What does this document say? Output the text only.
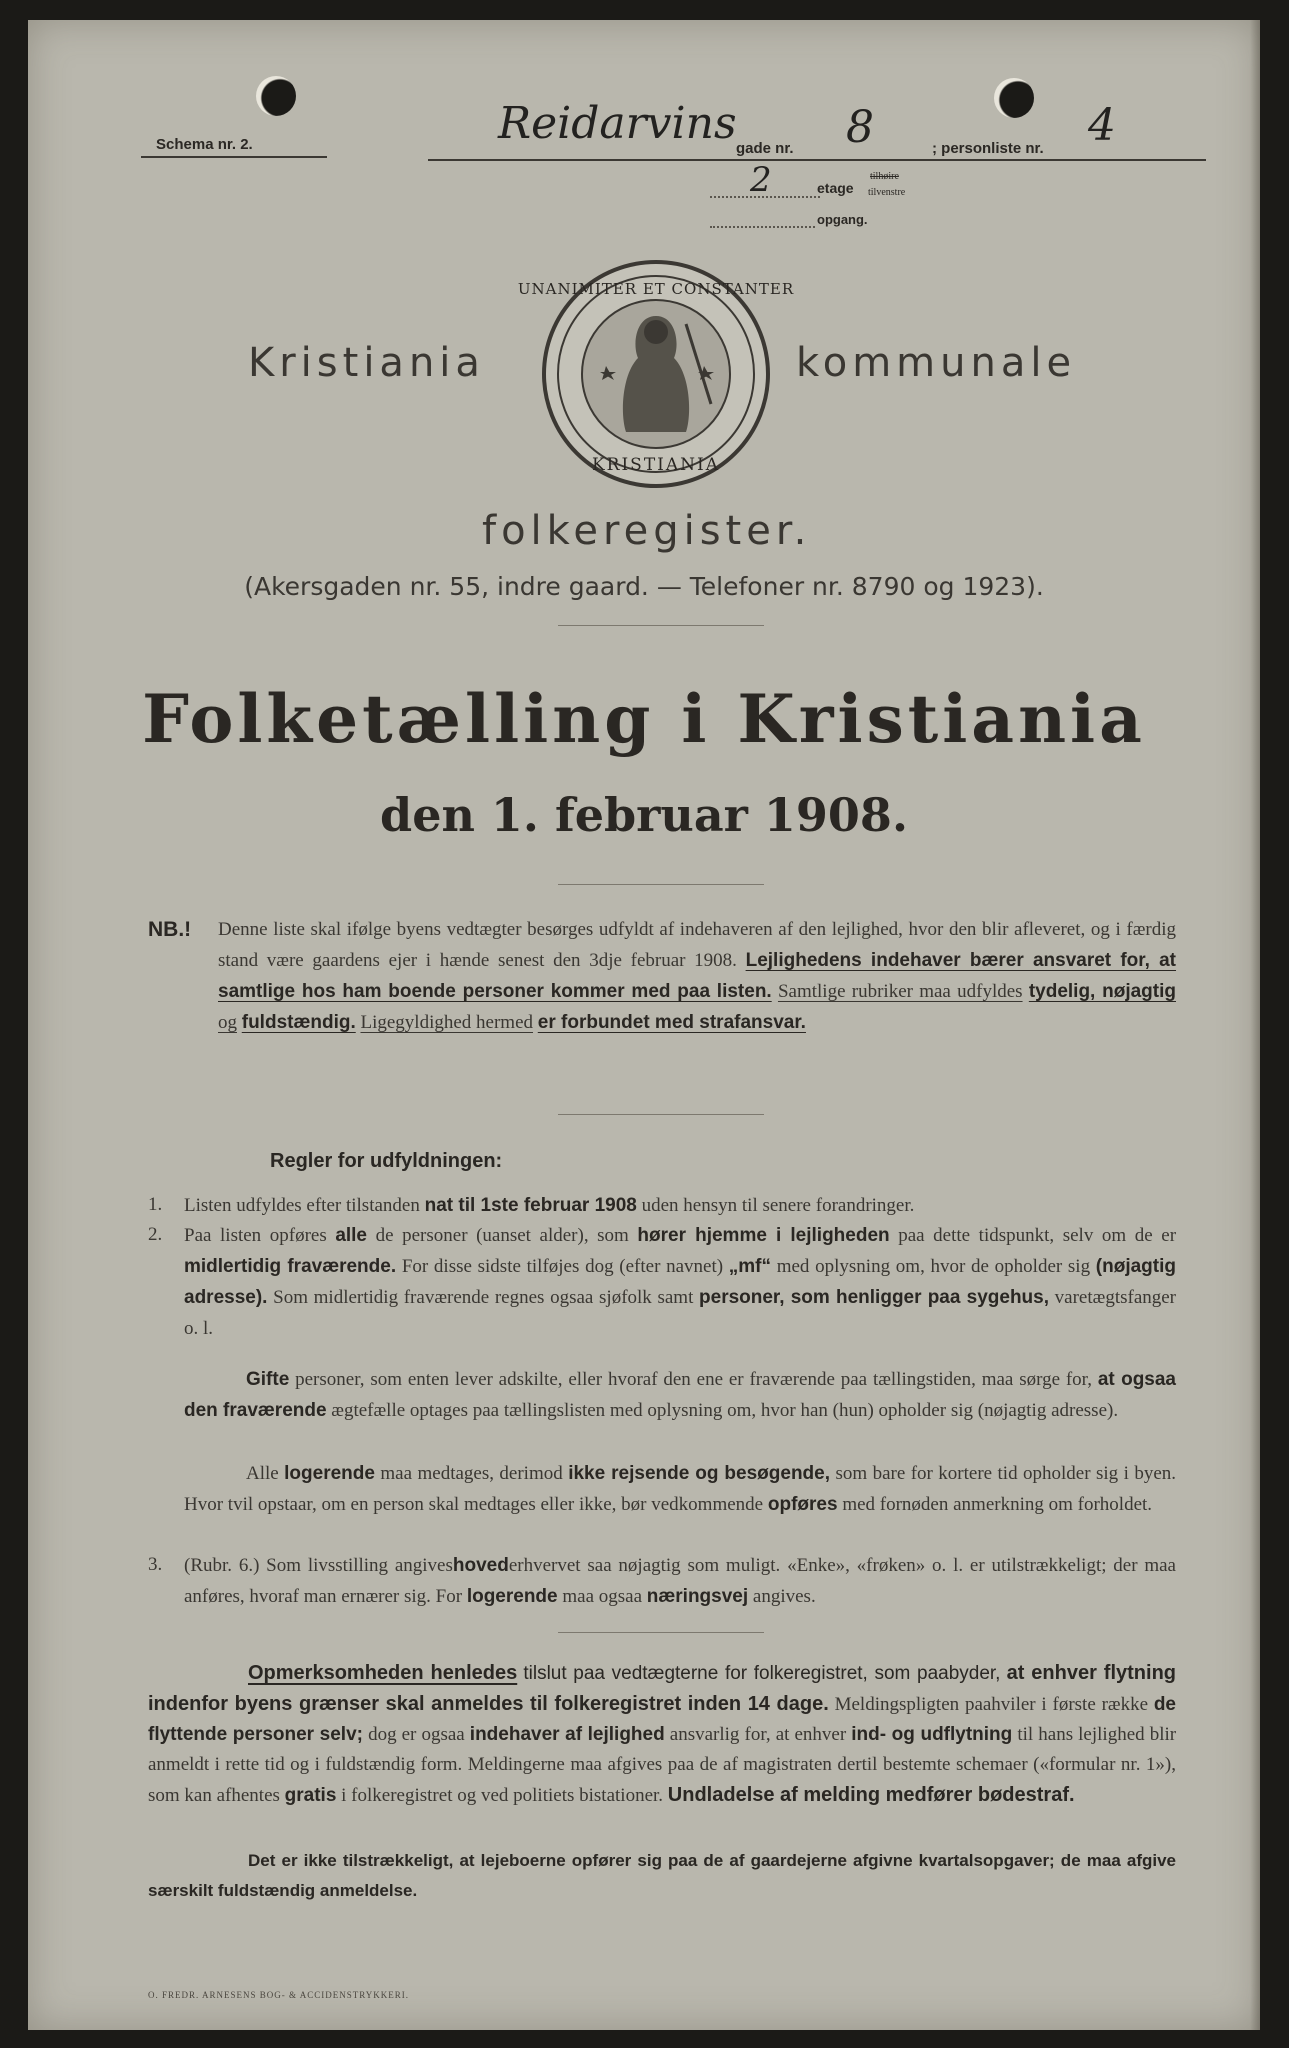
Schema nr. 2.	Reidarvins gade nr. 8	; personliste nr. 4
2	etage
tilhøire
tilvenstre
opgang.
Kristiania
UNANIMITER ET CONSTANTER
KRISTIANIA
kommunale
folkeregister.
(Akersgaden nr. 55, indre gaard. — Telefoner nr. 8790 og 1923).
Folketælling i Kristiania
den 1. februar 1908.
NB.! Denne liste skal ifølge byens vedtægter besørges udfyldt af indehaveren af den lejlighed, hvor den blir afleveret, og i færdig stand være gaardens ejer i hænde senest den 3dje februar 1908. Lejlighedens indehaver bærer ansvaret for, at samtlige hos ham boende personer kommer med paa listen. Samtlige rubriker maa udfyldes tydelig, nøjagtig og fuldstændig. Ligegyldighed hermed er forbundet med strafansvar.
Regler for udfyldningen:
1. Listen udfyldes efter tilstanden nat til 1ste februar 1908 uden hensyn til senere forandringer.
2. Paa listen opføres alle de personer (uanset alder), som hører hjemme i lejligheden paa dette tidspunkt, selv om de er midlertidig fraværende. For disse sidste tilføjes dog (efter navnet) „mf“ med oplysning om, hvor de opholder sig (nøjagtig adresse). Som midlertidig fraværende regnes ogsaa sjøfolk samt personer, som henligger paa sygehus, varetægtsfanger o. l.
Gifte personer, som enten lever adskilte, eller hvoraf den ene er fraværende paa tællingstiden, maa sørge for, at ogsaa den fraværende ægtefælle optages paa tællingslisten med oplysning om, hvor han (hun) opholder sig (nøjagtig adresse).
Alle logerende maa medtages, derimod ikke rejsende og besøgende, som bare for kortere tid opholder sig i byen. Hvor tvil opstaar, om en person skal medtages eller ikke, bør vedkommende opføres med fornøden anmerkning om forholdet.
3. (Rubr. 6.) Som livsstilling angiveshovederhvervet saa nøjagtig som muligt. «Enke», «frøken» o. l. er utilstrækkeligt; der maa anføres, hvoraf man ernærer sig. For logerende maa ogsaa næringsvej angives.
Opmerksomheden henledes tilslut paa vedtægterne for folkeregistret, som paabyder, at enhver flytning indenfor byens grænser skal anmeldes til folkeregistret inden 14 dage. Meldingspligten paahviler i første række de flyttende personer selv; dog er ogsaa indehaver af lejlighed ansvarlig for, at enhver ind- og udflytning til hans lejlighed blir anmeldt i rette tid og i fuldstændig form. Meldingerne maa afgives paa de af magistraten dertil bestemte schemaer («formular nr. 1»), som kan afhentes gratis i folkeregistret og ved politiets bistationer. Undladelse af melding medfører bødestraf.
Det er ikke tilstrækkeligt, at lejeboerne opfører sig paa de af gaardejerne afgivne kvartalsopgaver; de maa afgive særskilt fuldstændig anmeldelse.
O. FREDR. ARNESENS BOG- & ACCIDENSTRYKKERI.
